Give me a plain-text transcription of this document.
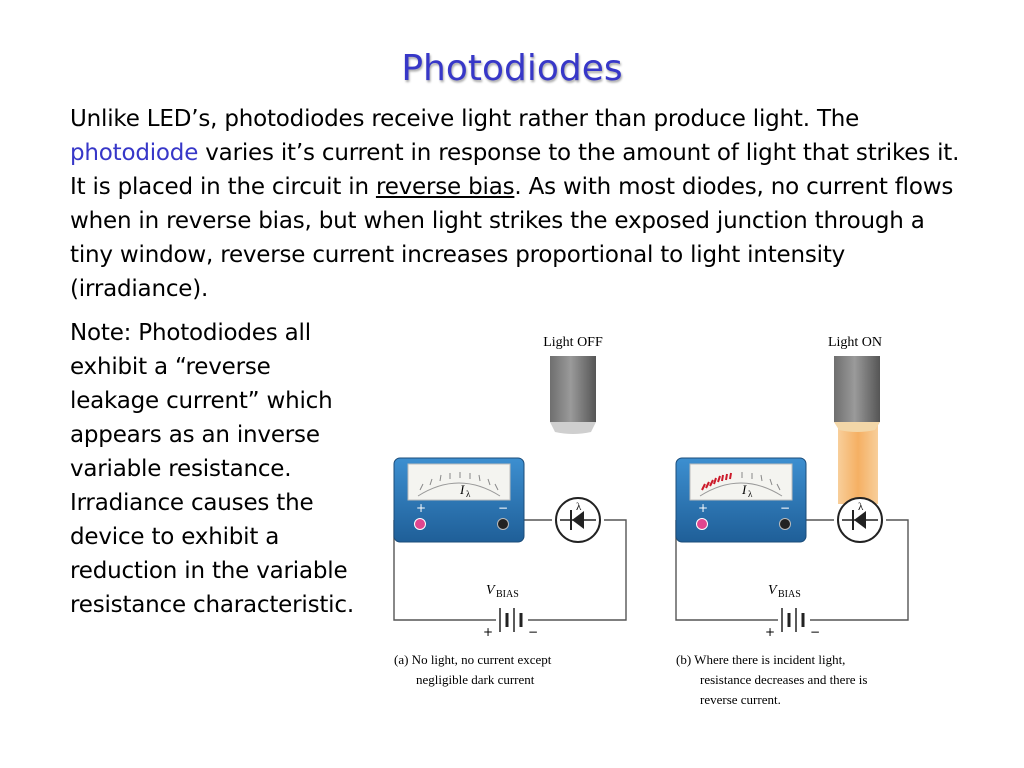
Photodiodes
Unlike LED’s, photodiodes receive light rather than produce light. The photodiode varies it’s current in response to the amount of light that strikes it. It is placed in the circuit in reverse bias. As with most diodes, no current flows when in reverse bias, but when light strikes the exposed junction through a tiny window, reverse current increases proportional to light intensity (irradiance).
Note: Photodiodes all exhibit a “reverse leakage current” which appears as an inverse variable resistance. Irradiance causes the device to exhibit a reduction in the variable resistance characteristic.
Light OFF
I λ
+	−	λ
V BIAS
+	−
(a) No light, no current except
negligible dark current
Light ON
I λ
+	−	λ
V BIAS
+	−
(b) Where there is incident light,
resistance decreases and there is
reverse current.
